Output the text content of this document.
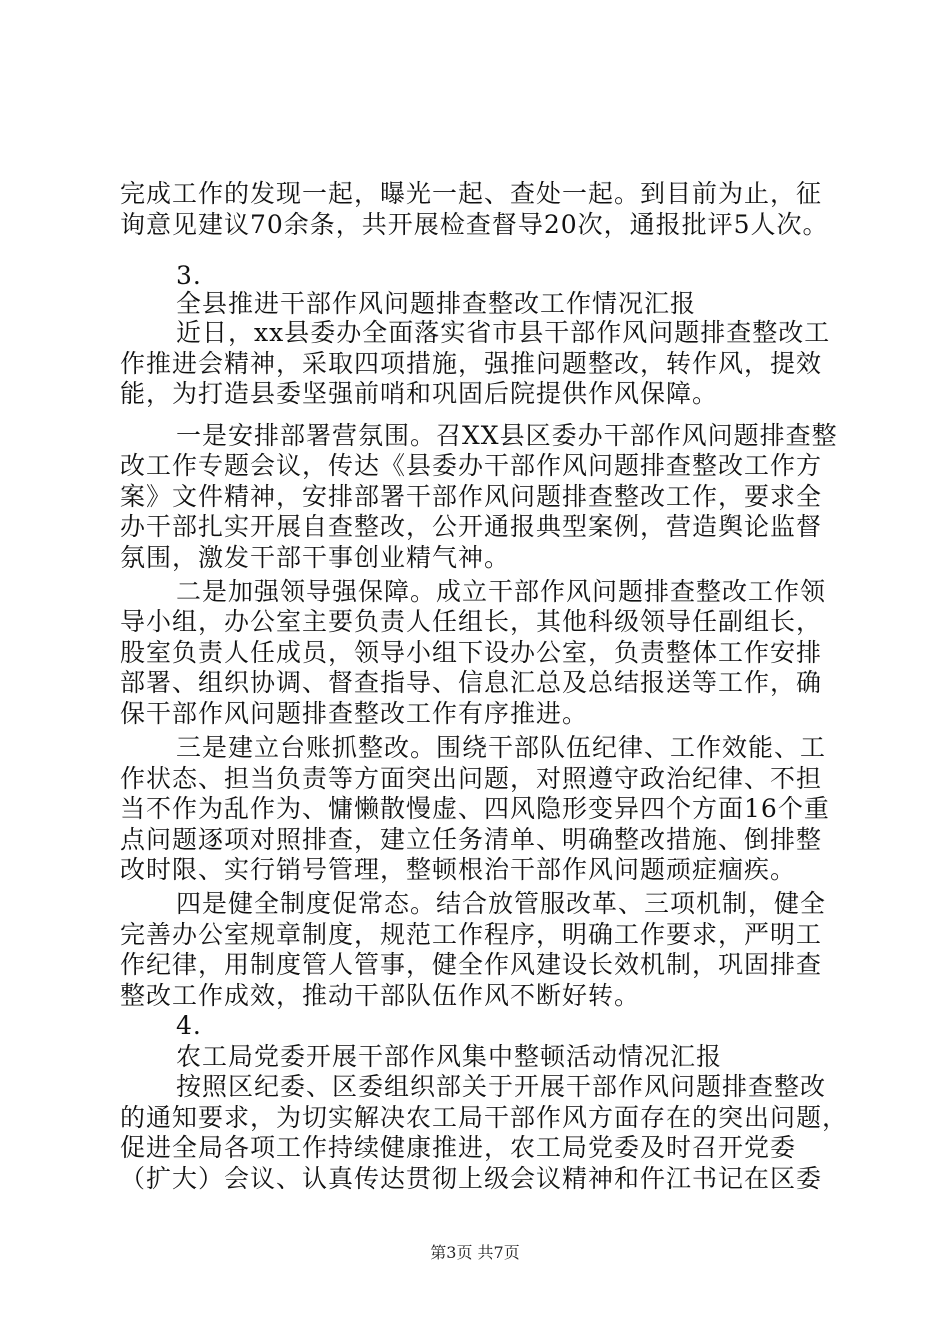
完成工作的发现一起，曝光一起、查处一起。到目前为止，征
询意见建议70余条，共开展检查督导20次，通报批评5人次。
3.
全县推进干部作风问题排查整改工作情况汇报
近日，xx县委办全面落实省市县干部作风问题排查整改工
作推进会精神，采取四项措施，强推问题整改，转作风，提效
能，为打造县委坚强前哨和巩固后院提供作风保障。
一是安排部署营氛围。召XX县区委办干部作风问题排查整
改工作专题会议，传达《县委办干部作风问题排查整改工作方
案》文件精神，安排部署干部作风问题排查整改工作，要求全
办干部扎实开展自查整改，公开通报典型案例，营造舆论监督
氛围，激发干部干事创业精气神。
二是加强领导强保障。成立干部作风问题排查整改工作领
导小组，办公室主要负责人任组长，其他科级领导任副组长，
股室负责人任成员，领导小组下设办公室，负责整体工作安排
部署、组织协调、督查指导、信息汇总及总结报送等工作，确
保干部作风问题排查整改工作有序推进。
三是建立台账抓整改。围绕干部队伍纪律、工作效能、工
作状态、担当负责等方面突出问题，对照遵守政治纪律、不担
当不作为乱作为、慵懒散慢虚、四风隐形变异四个方面16个重
点问题逐项对照排查，建立任务清单、明确整改措施、倒排整
改时限、实行销号管理，整顿根治干部作风问题顽症痼疾。
四是健全制度促常态。结合放管服改革、三项机制，健全
完善办公室规章制度，规范工作程序，明确工作要求，严明工
作纪律，用制度管人管事，健全作风建设长效机制，巩固排查
整改工作成效，推动干部队伍作风不断好转。
4.
农工局党委开展干部作风集中整顿活动情况汇报
按照区纪委、区委组织部关于开展干部作风问题排查整改
的通知要求，为切实解决农工局干部作风方面存在的突出问题，
促进全局各项工作持续健康推进，农工局党委及时召开党委
（扩大）会议、认真传达贯彻上级会议精神和仵江书记在区委
第3页 共7页
